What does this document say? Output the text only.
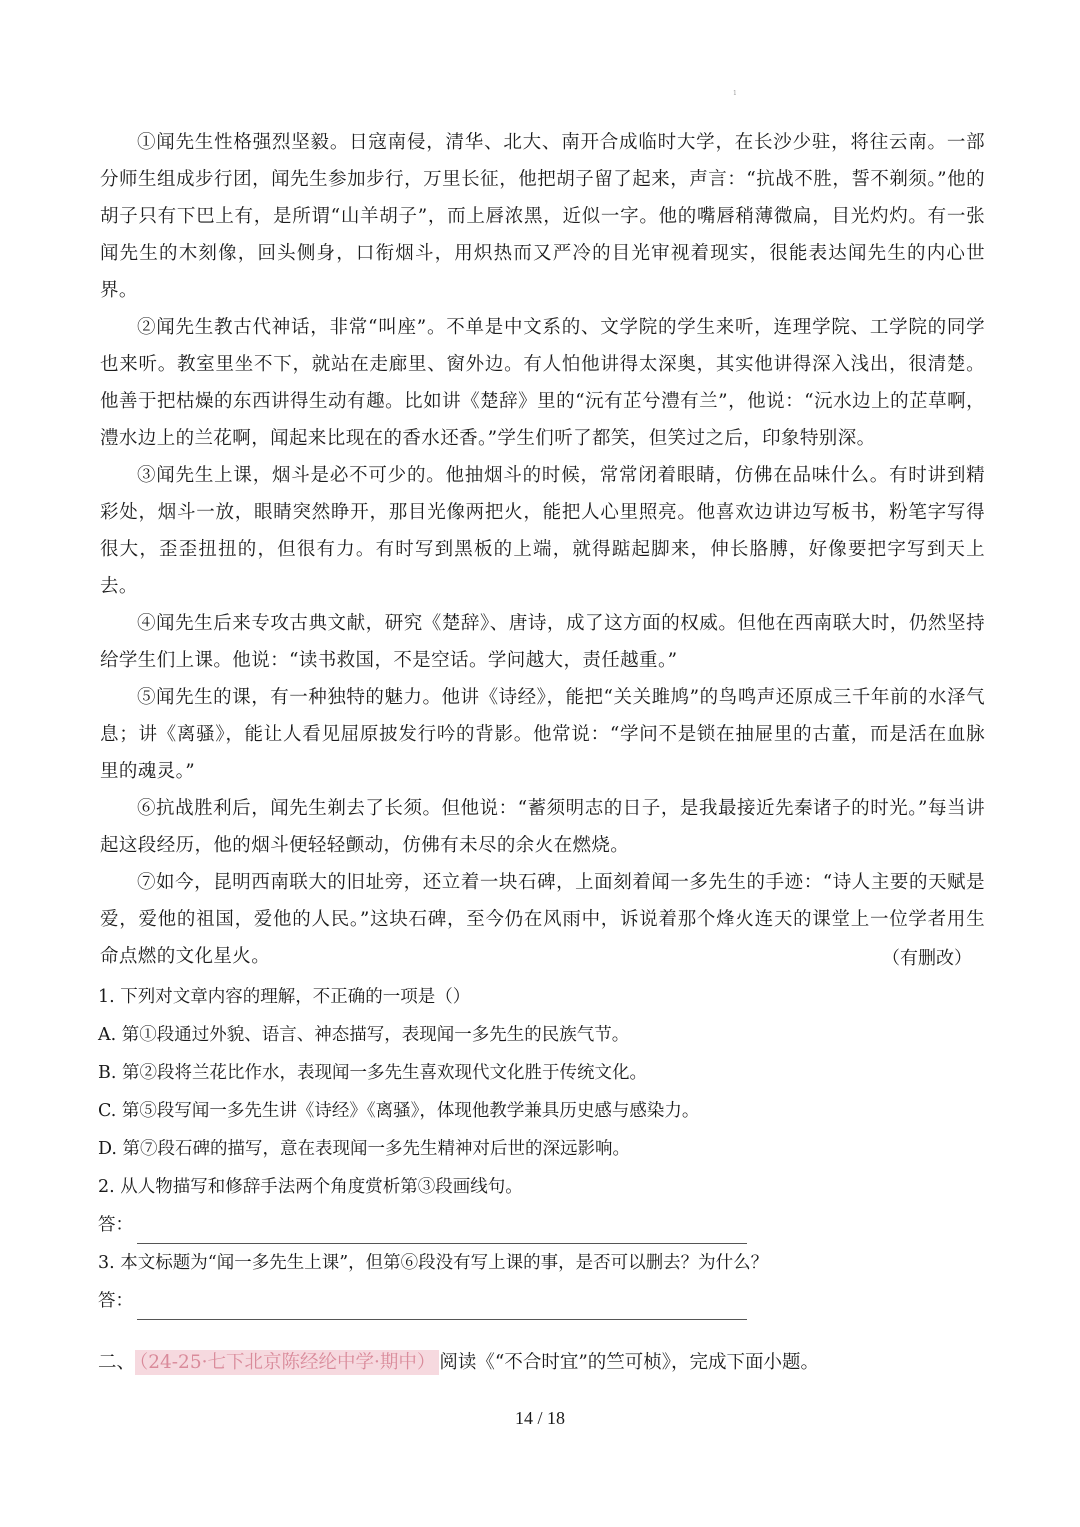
1

①闻先生性格强烈坚毅。日寇南侵，清华、北大、南开合成临时大学，在长沙少驻，将往云南。一部分师生组成步行团，闻先生参加步行，万里长征，他把胡子留了起来，声言：“抗战不胜，誓不剃须。”他的胡子只有下巴上有，是所谓“山羊胡子”，而上唇浓黑，近似一字。他的嘴唇稍薄微扁，目光灼灼。有一张闻先生的木刻像，回头侧身，口衔烟斗，用炽热而又严冷的目光审视着现实，很能表达闻先生的内心世界。

②闻先生教古代神话，非常“叫座”。不单是中文系的、文学院的学生来听，连理学院、工学院的同学也来听。教室里坐不下，就站在走廊里、窗外边。有人怕他讲得太深奥，其实他讲得深入浅出，很清楚。他善于把枯燥的东西讲得生动有趣。比如讲《楚辞》里的“沅有芷兮澧有兰”，他说：“沅水边上的芷草啊，澧水边上的兰花啊，闻起来比现在的香水还香。”学生们听了都笑，但笑过之后，印象特别深。

③闻先生上课，烟斗是必不可少的。他抽烟斗的时候，常常闭着眼睛，仿佛在品味什么。有时讲到精彩处，烟斗一放，眼睛突然睁开，那目光像两把火，能把人心里照亮。他喜欢边讲边写板书，粉笔字写得很大，歪歪扭扭的，但很有力。有时写到黑板的上端，就得踮起脚来，伸长胳膊，好像要把字写到天上去。

④闻先生后来专攻古典文献，研究《楚辞》、唐诗，成了这方面的权威。但他在西南联大时，仍然坚持给学生们上课。他说：“读书救国，不是空话。学问越大，责任越重。”

⑤闻先生的课，有一种独特的魅力。他讲《诗经》，能把“关关雎鸠”的鸟鸣声还原成三千年前的水泽气息；讲《离骚》，能让人看见屈原披发行吟的背影。他常说：“学问不是锁在抽屉里的古董，而是活在血脉里的魂灵。”

⑥抗战胜利后，闻先生剃去了长须。但他说：“蓄须明志的日子，是我最接近先秦诸子的时光。”每当讲起这段经历，他的烟斗便轻轻颤动，仿佛有未尽的余火在燃烧。

⑦如今，昆明西南联大的旧址旁，还立着一块石碑，上面刻着闻一多先生的手迹：“诗人主要的天赋是爱，爱他的祖国，爱他的人民。”这块石碑，至今仍在风雨中，诉说着那个烽火连天的课堂上一位学者用生命点燃的文化星火。	（有删改）

1. 下列对文章内容的理解，不正确的一项是（）

A. 第①段通过外貌、语言、神态描写，表现闻一多先生的民族气节。

B. 第②段将兰花比作水，表现闻一多先生喜欢现代文化胜于传统文化。

C. 第⑤段写闻一多先生讲《诗经》《离骚》，体现他教学兼具历史感与感染力。

D. 第⑦段石碑的描写，意在表现闻一多先生精神对后世的深远影响。

2. 从人物描写和修辞手法两个角度赏析第③段画线句。

答：

3. 本文标题为“闻一多先生上课”，但第⑥段没有写上课的事，是否可以删去？为什么？

答：
二、 （24-25·七下北京陈经纶中学·期中） 阅读《“不合时宜”的竺可桢》，完成下面小题。
14 / 18
